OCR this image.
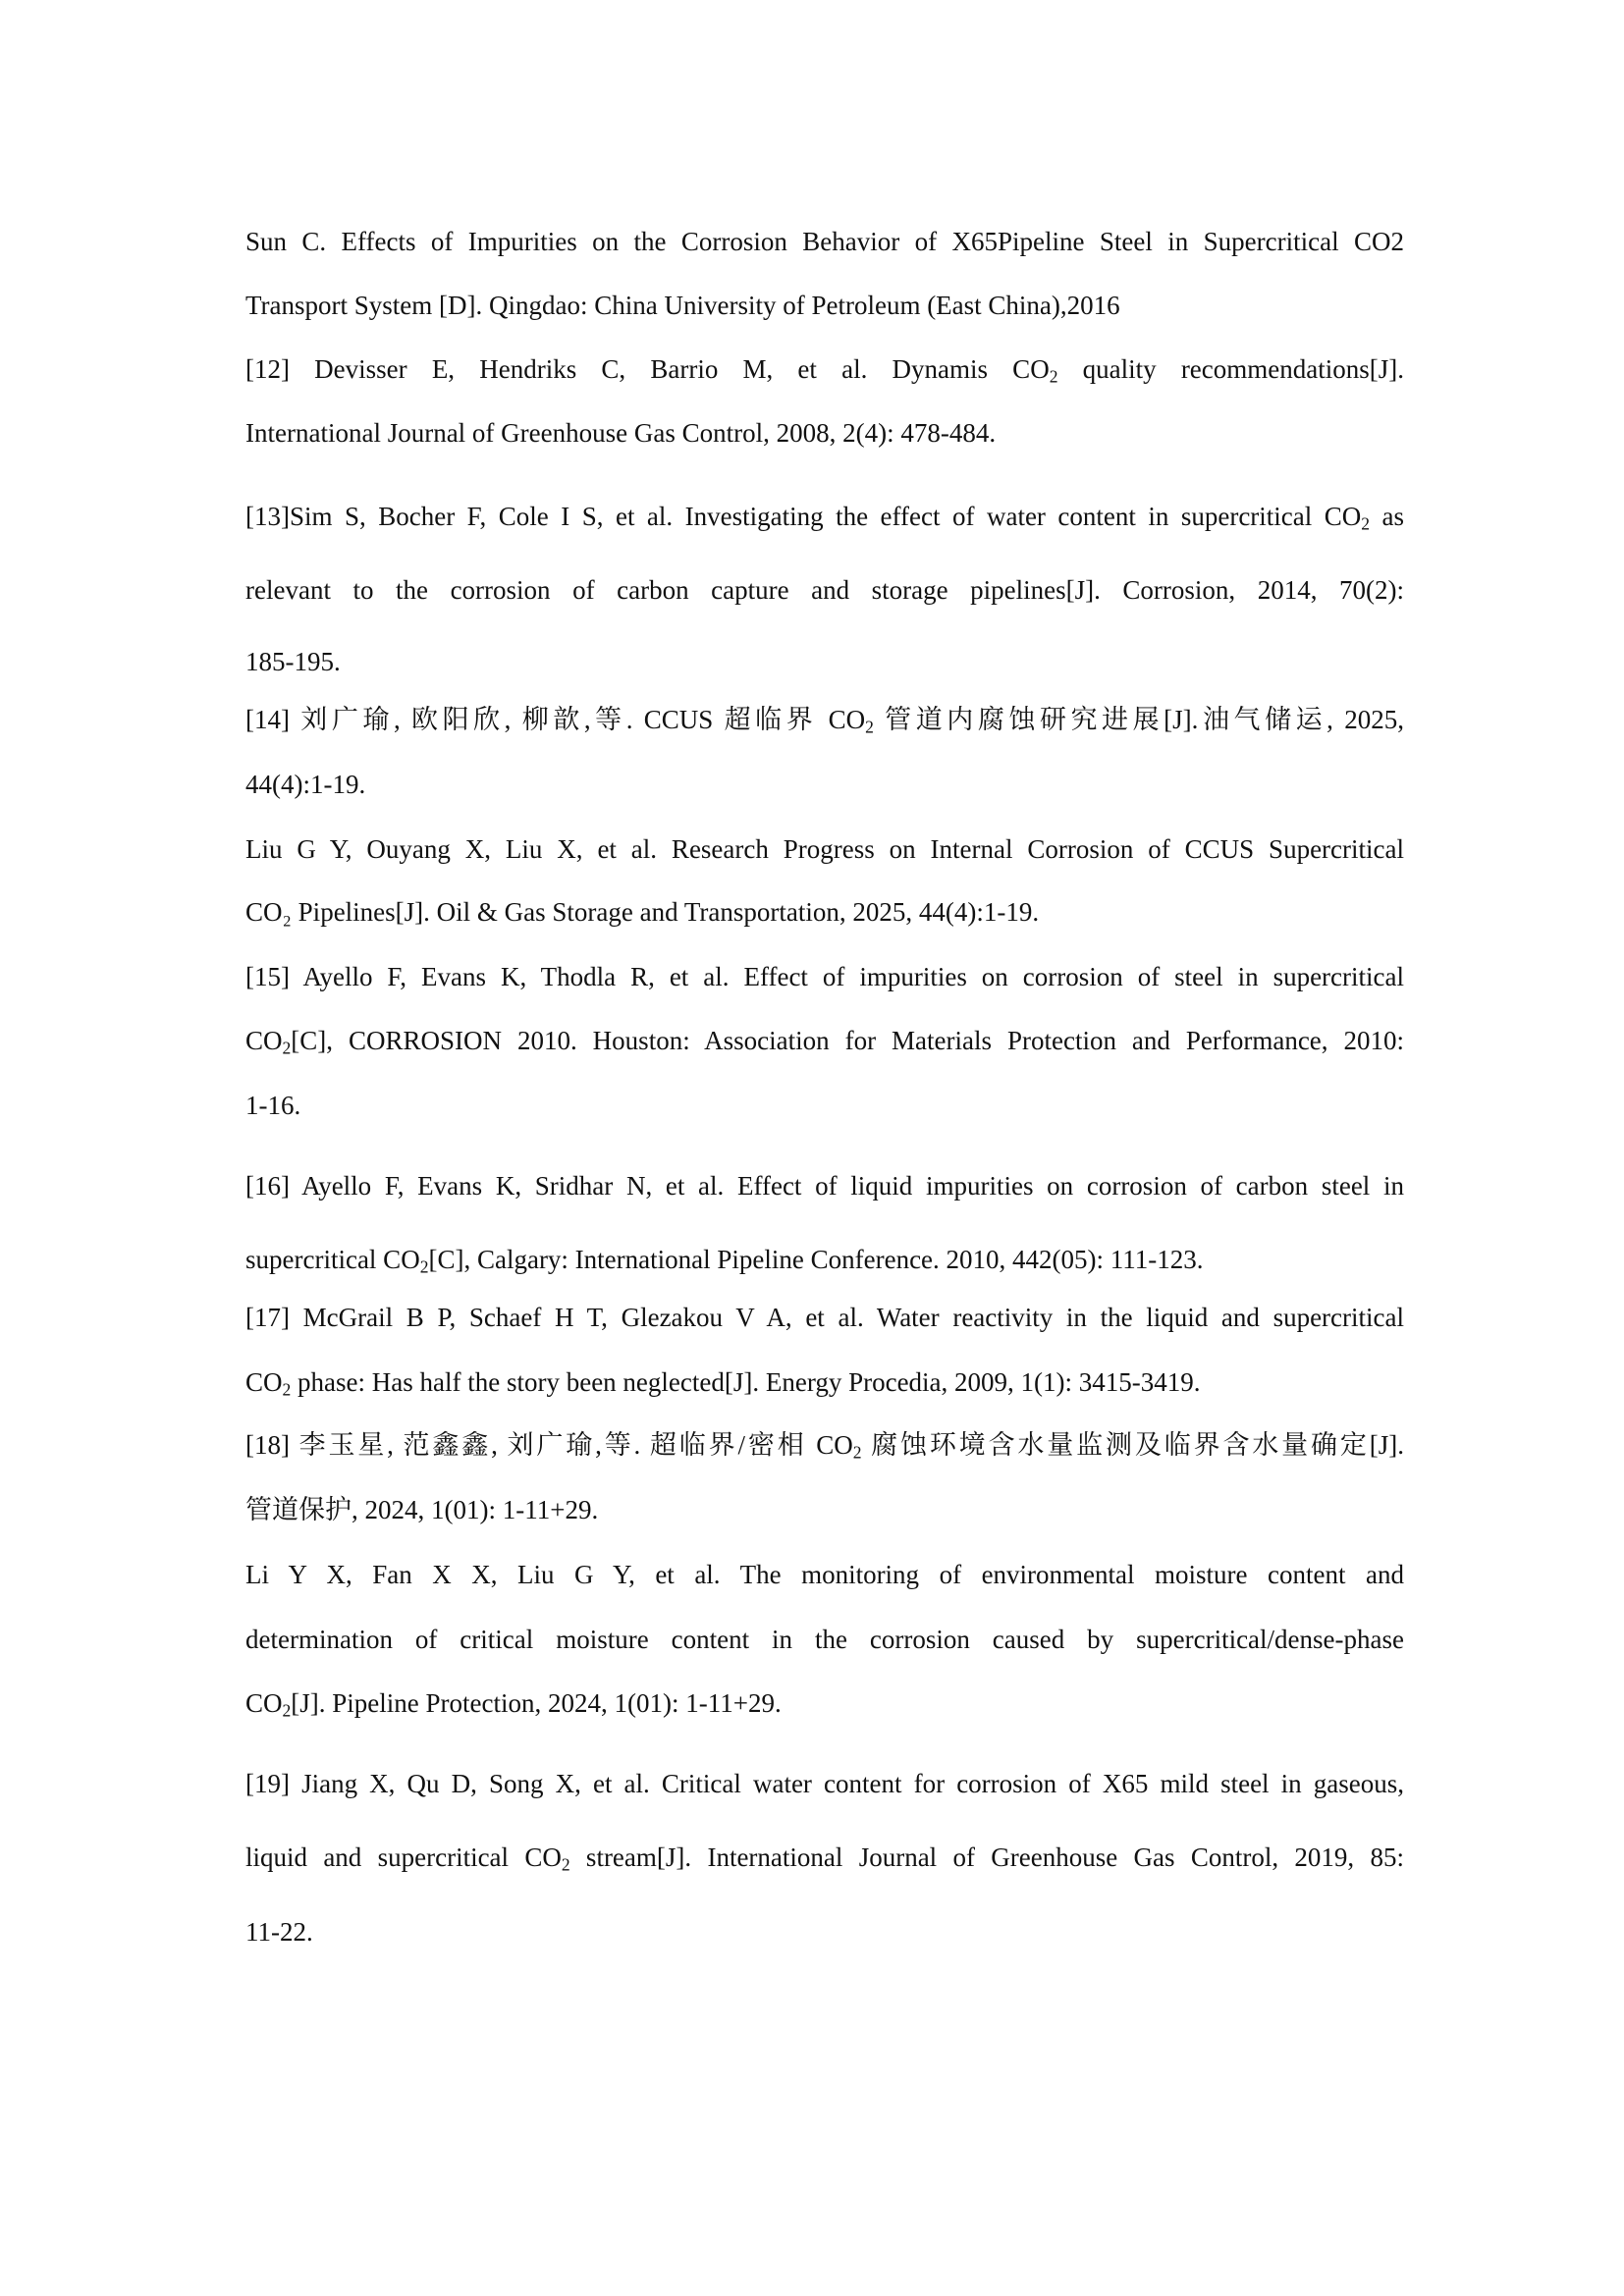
Sun C. Effects of Impurities on the Corrosion Behavior of X65Pipeline Steel in Supercritical CO2
Transport System [D]. Qingdao: China University of Petroleum (East China),2016
[12] Devisser E, Hendriks C, Barrio M, et al. Dynamis $CO_2$ quality recommendations[J].
International Journal of Greenhouse Gas Control, 2008, 2(4): 478-484.
[13]Sim S, Bocher F, Cole I S, et al. Investigating the effect of water content in supercritical $CO_2$ as
relevant to the corrosion of carbon capture and storage pipelines[J]. Corrosion, 2014, 70(2):
185-195.
[14] 刘广瑜, 欧阳欣, 柳歆,等. CCUS 超临界 $CO_2$ 管道内腐蚀研究进展[J].油气储运, 2025,
44(4):1-19.
Liu G Y, Ouyang X, Liu X, et al. Research Progress on Internal Corrosion of CCUS Supercritical
CO₂ Pipelines[J]. Oil & Gas Storage and Transportation, 2025, 44(4):1-19.
[15] Ayello F, Evans K, Thodla R, et al. Effect of impurities on corrosion of steel in supercritical
$CO_2[C]$, CORROSION 2010. Houston: Association for Materials Protection and Performance, 2010:
1-16.
[16] Ayello F, Evans K, Sridhar N, et al. Effect of liquid impurities on corrosion of carbon steel in
supercritical $CO_2[C]$, Calgary: International Pipeline Conference. 2010, 442(05): 111-123.
[17] McGrail B P, Schaef H T, Glezakou V A, et al. Water reactivity in the liquid and supercritical
$CO_2$ phase: Has half the story been neglected[J]. Energy Procedia, 2009, 1(1): 3415-3419.
[18] 李玉星, 范鑫鑫, 刘广瑜,等. 超临界/密相 $CO_2$ 腐蚀环境含水量监测及临界含水量确定[J].
管道保护, 2024, 1(01): 1-11+29.
Li Y X, Fan X X, Liu G Y, et al. The monitoring of environmental moisture content and
determination of critical moisture content in the corrosion caused by supercritical/dense-phase
$CO_2[J]$. Pipeline Protection, 2024, 1(01): 1-11+29.
[19] Jiang X, Qu D, Song X, et al. Critical water content for corrosion of X65 mild steel in gaseous,
liquid and supercritical $CO_2$ stream[J]. International Journal of Greenhouse Gas Control, 2019, 85:
11-22.
